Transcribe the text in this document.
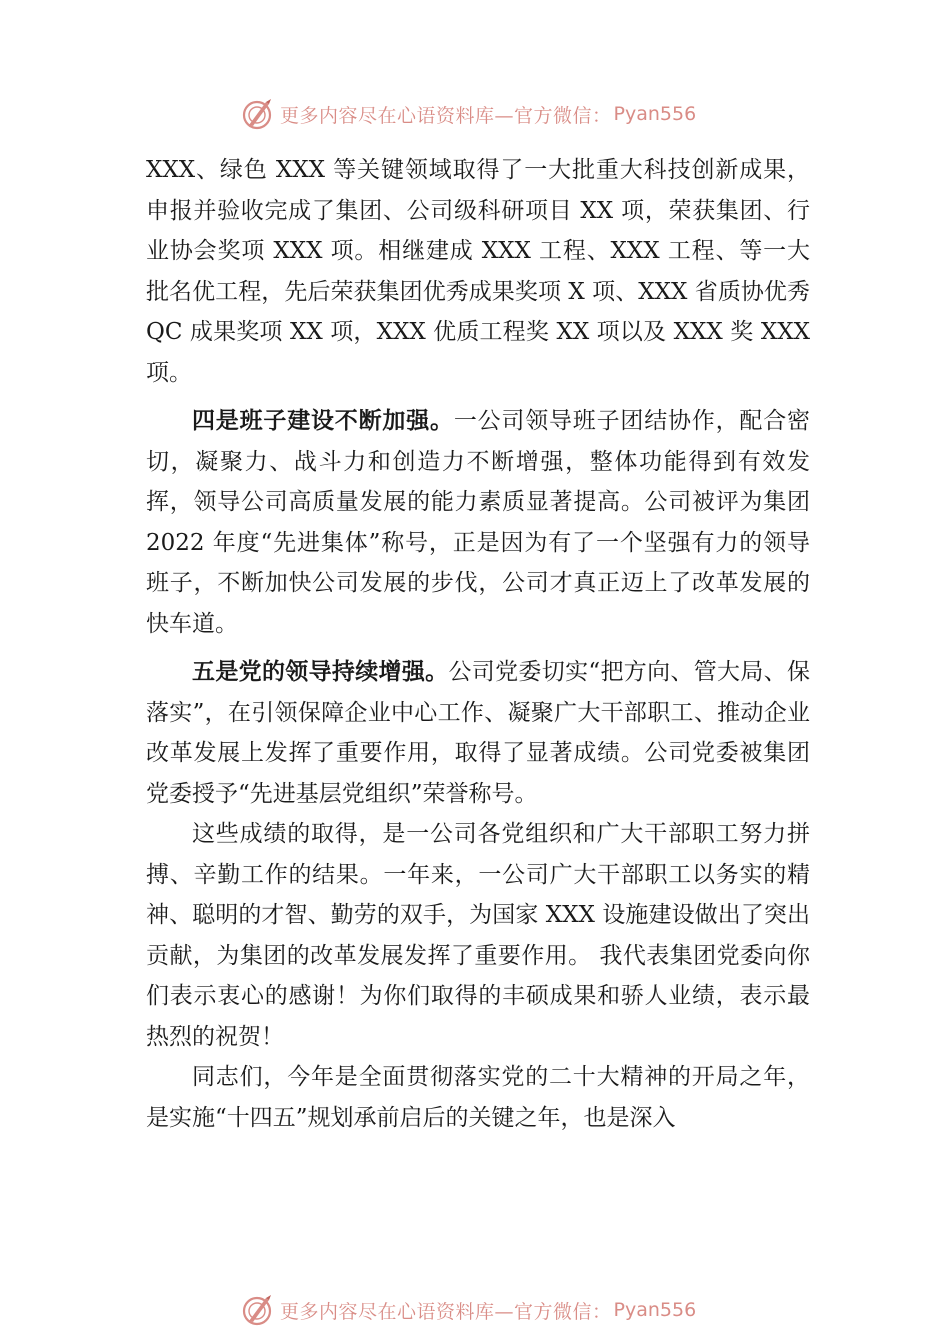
更多内容尽在心语资料库—官方微信： Pyan556

XXX、绿色 XXX 等关键领域取得了一大批重大科技创新成果，申报并验收完成了集团、公司级科研项目 XX 项，荣获集团、行业协会奖项 XXX 项。相继建成 XXX 工程、XXX 工程、等一大批名优工程，先后荣获集团优秀成果奖项 X 项、XXX 省质协优秀 QC 成果奖项 XX 项，XXX 优质工程奖 XX 项以及 XXX 奖 XXX 项。

四是班子建设不断加强。一公司领导班子团结协作，配合密切，凝聚力、战斗力和创造力不断增强，整体功能得到有效发挥，领导公司高质量发展的能力素质显著提高。公司被评为集团 2022 年度“先进集体”称号，正是因为有了一个坚强有力的领导班子，不断加快公司发展的步伐，公司才真正迈上了改革发展的快车道。

五是党的领导持续增强。公司党委切实“把方向、管大局、保落实”，在引领保障企业中心工作、凝聚广大干部职工、推动企业改革发展上发挥了重要作用，取得了显著成绩。公司党委被集团党委授予“先进基层党组织”荣誉称号。

这些成绩的取得，是一公司各党组织和广大干部职工努力拼搏、辛勤工作的结果。一年来，一公司广大干部职工以务实的精神、聪明的才智、勤劳的双手，为国家 XXX 设施建设做出了突出贡献，为集团的改革发展发挥了重要作用。 我代表集团党委向你们表示衷心的感谢！为你们取得的丰硕成果和骄人业绩，表示最热烈的祝贺！

同志们，今年是全面贯彻落实党的二十大精神的开局之年，是实施“十四五”规划承前启后的关键之年，也是深入

更多内容尽在心语资料库—官方微信： Pyan556
